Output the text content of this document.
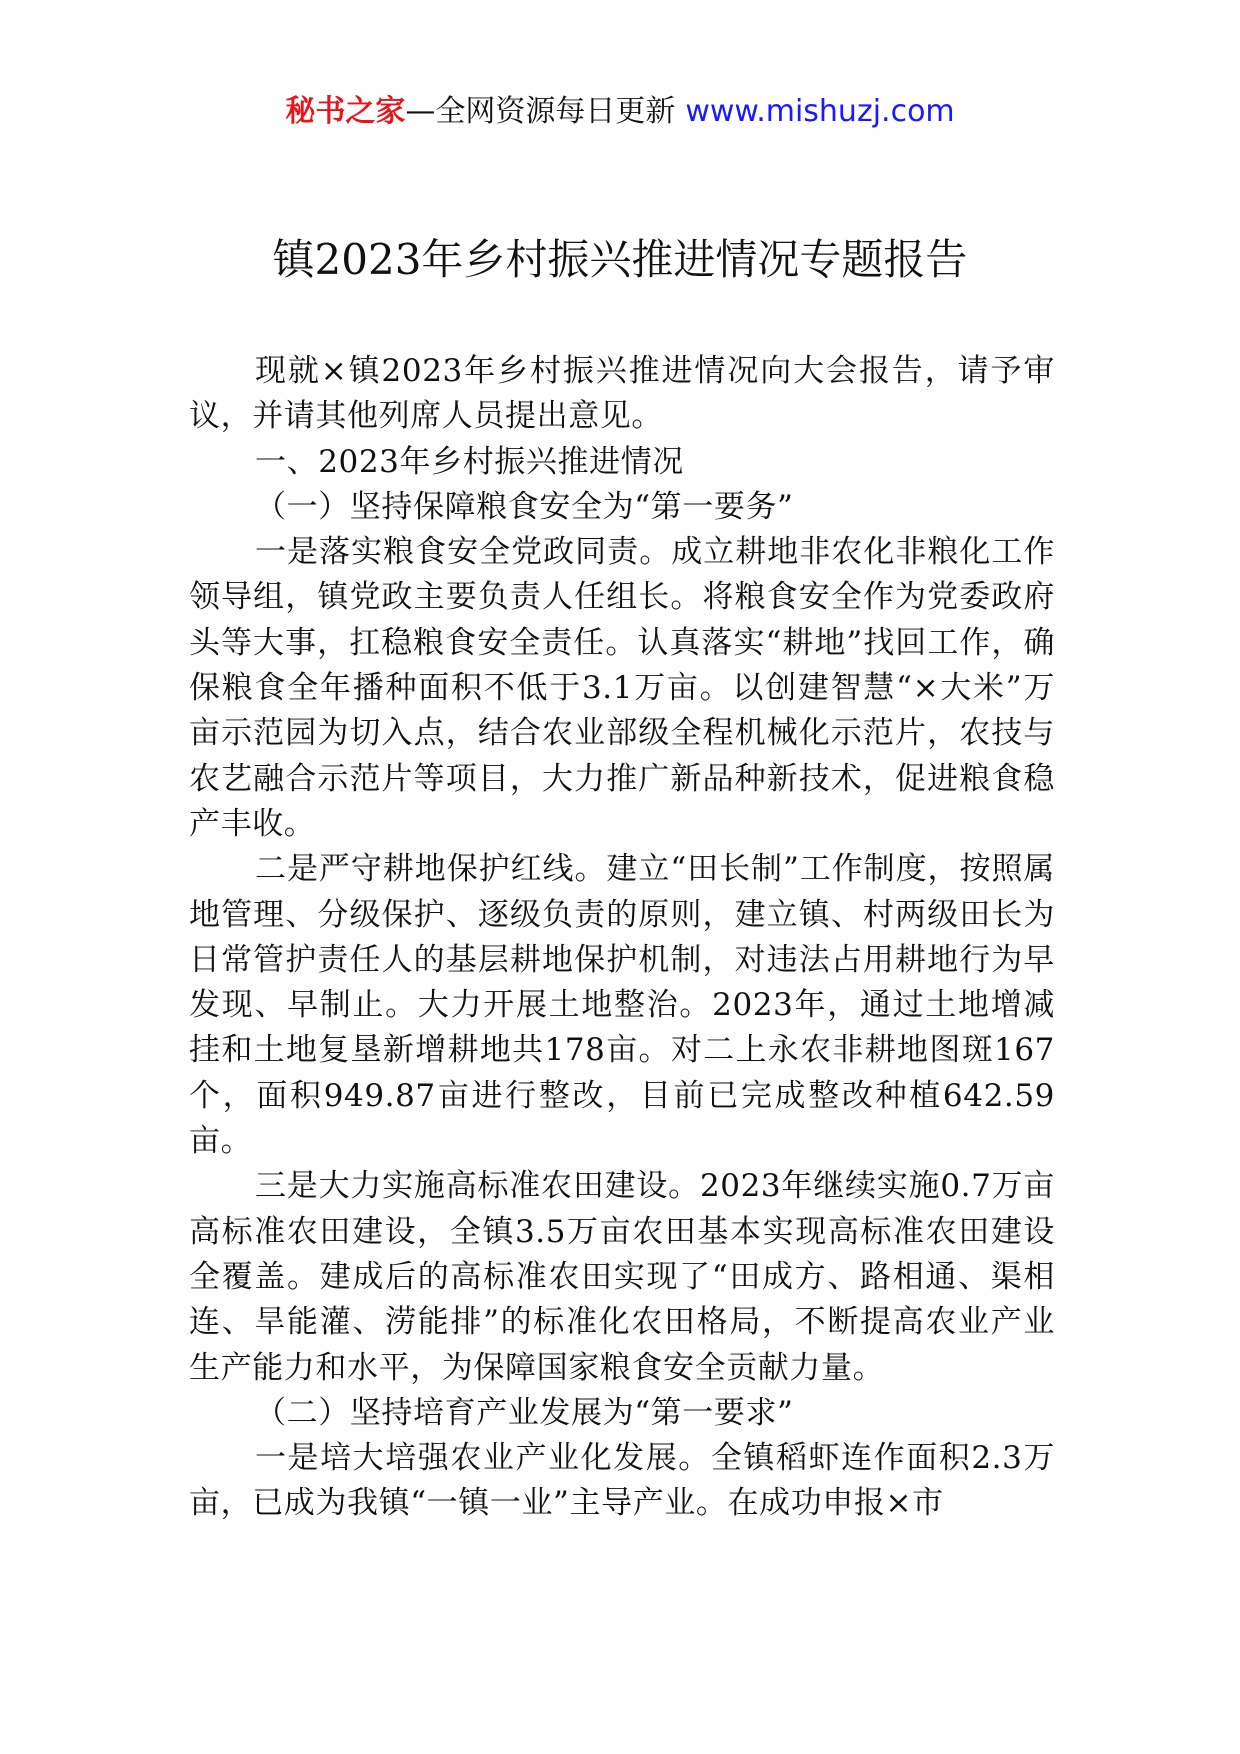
秘书之家—全网资源每日更新 www.mishuzj.com
镇2023年乡村振兴推进情况专题报告

现就×镇2023年乡村振兴推进情况向大会报告，请予审议，并请其他列席人员提出意见。

一、2023年乡村振兴推进情况

（一）坚持保障粮食安全为“第一要务”

一是落实粮食安全党政同责。成立耕地非农化非粮化工作领导组，镇党政主要负责人任组长。将粮食安全作为党委政府头等大事，扛稳粮食安全责任。认真落实“耕地”找回工作，确保粮食全年播种面积不低于3.1万亩。以创建智慧“×大米”万亩示范园为切入点，结合农业部级全程机械化示范片，农技与农艺融合示范片等项目，大力推广新品种新技术，促进粮食稳产丰收。

二是严守耕地保护红线。建立“田长制”工作制度，按照属地管理、分级保护、逐级负责的原则，建立镇、村两级田长为日常管护责任人的基层耕地保护机制，对违法占用耕地行为早发现、早制止。大力开展土地整治。2023年，通过土地增减挂和土地复垦新增耕地共178亩。对二上永农非耕地图斑167个，面积949.87亩进行整改，目前已完成整改种植642.59亩。

三是大力实施高标准农田建设。2023年继续实施0.7万亩高标准农田建设，全镇3.5万亩农田基本实现高标准农田建设全覆盖。建成后的高标准农田实现了“田成方、路相通、渠相连、旱能灌、涝能排”的标准化农田格局，不断提高农业产业生产能力和水平，为保障国家粮食安全贡献力量。

（二）坚持培育产业发展为“第一要求”

一是培大培强农业产业化发展。全镇稻虾连作面积2.3万亩，已成为我镇“一镇一业”主导产业。在成功申报×市
